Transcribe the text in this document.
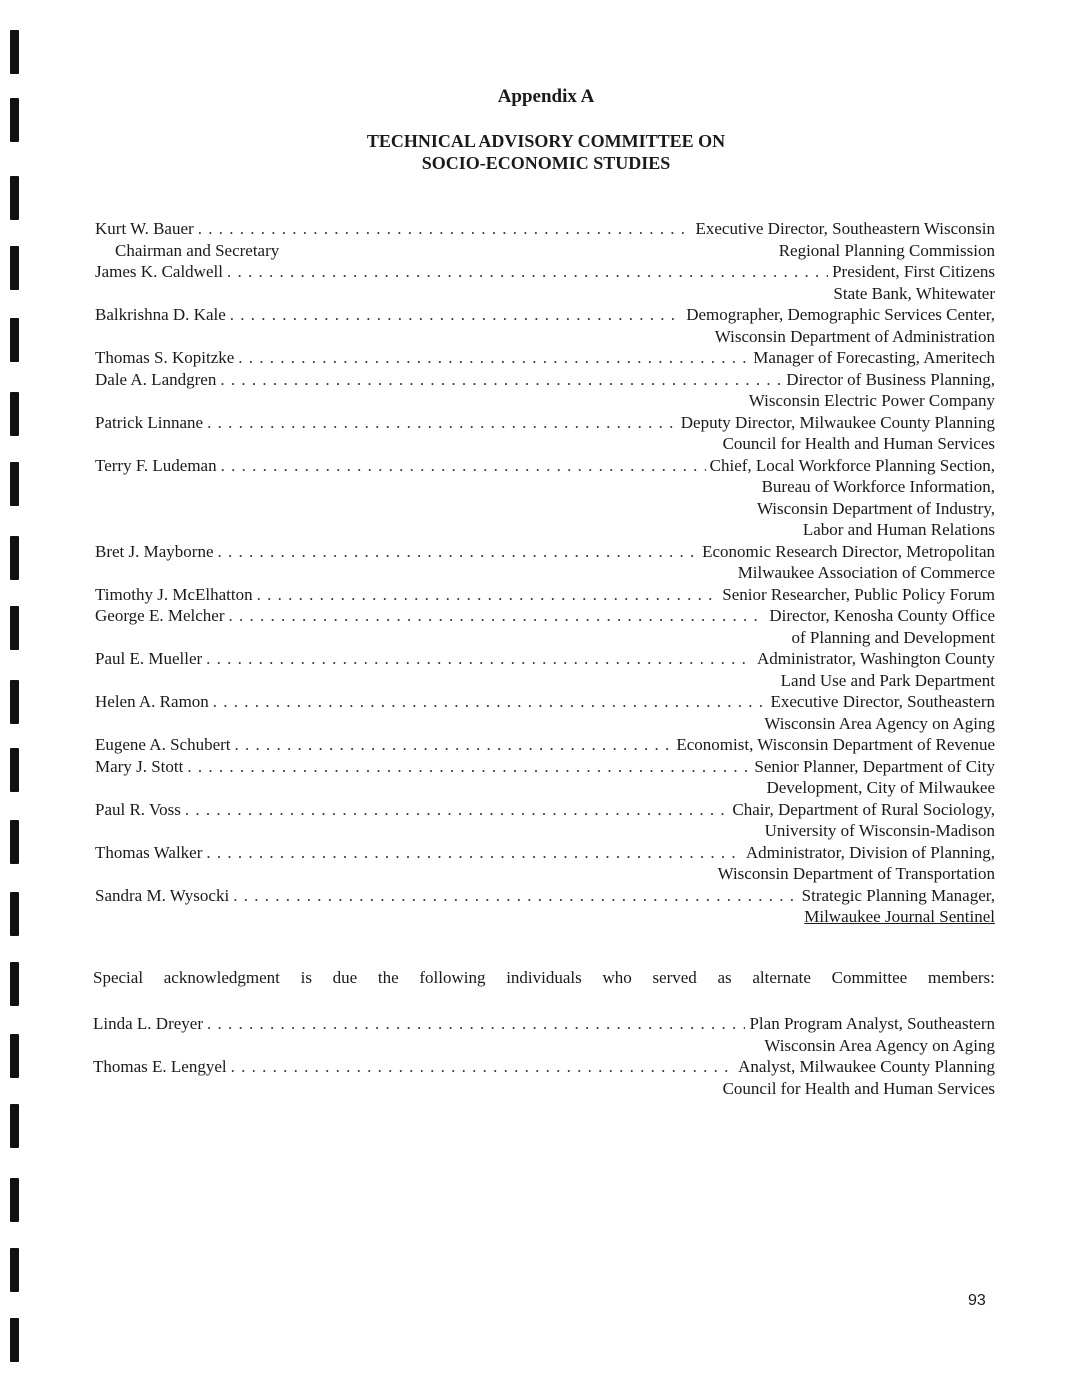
Appendix A
TECHNICAL ADVISORY COMMITTEE ON
SOCIO-ECONOMIC STUDIES
Kurt W. Bauer . . .	Executive Director, Southeastern Wisconsin
Chairman and Secretary	Regional Planning Commission
James K. Caldwell . . .	President, First Citizens
State Bank, Whitewater
Balkrishna D. Kale . . .	Demographer, Demographic Services Center,
Wisconsin Department of Administration
Thomas S. Kopitzke . . .	Manager of Forecasting, Ameritech
Dale A. Landgren . . .	Director of Business Planning,
Wisconsin Electric Power Company
Patrick Linnane . . .	Deputy Director, Milwaukee County Planning
Council for Health and Human Services
Terry F. Ludeman . . .	Chief, Local Workforce Planning Section,
Bureau of Workforce Information,
Wisconsin Department of Industry,
Labor and Human Relations
Bret J. Mayborne . . .	Economic Research Director, Metropolitan
Milwaukee Association of Commerce
Timothy J. McElhatton . . .	Senior Researcher, Public Policy Forum
George E. Melcher . . .	Director, Kenosha County Office
of Planning and Development
Paul E. Mueller . . .	Administrator, Washington County
Land Use and Park Department
Helen A. Ramon . . .	Executive Director, Southeastern
Wisconsin Area Agency on Aging
Eugene A. Schubert . . .	Economist, Wisconsin Department of Revenue
Mary J. Stott . . .	Senior Planner, Department of City
Development, City of Milwaukee
Paul R. Voss . . .	Chair, Department of Rural Sociology,
University of Wisconsin-Madison
Thomas Walker . . .	Administrator, Division of Planning,
Wisconsin Department of Transportation
Sandra M. Wysocki . . .	Strategic Planning Manager,
Milwaukee Journal Sentinel
Special acknowledgment is due the following individuals who served as alternate Committee members:
Linda L. Dreyer . . .	Plan Program Analyst, Southeastern
Wisconsin Area Agency on Aging
Thomas E. Lengyel . . .	Analyst, Milwaukee County Planning
Council for Health and Human Services
93
